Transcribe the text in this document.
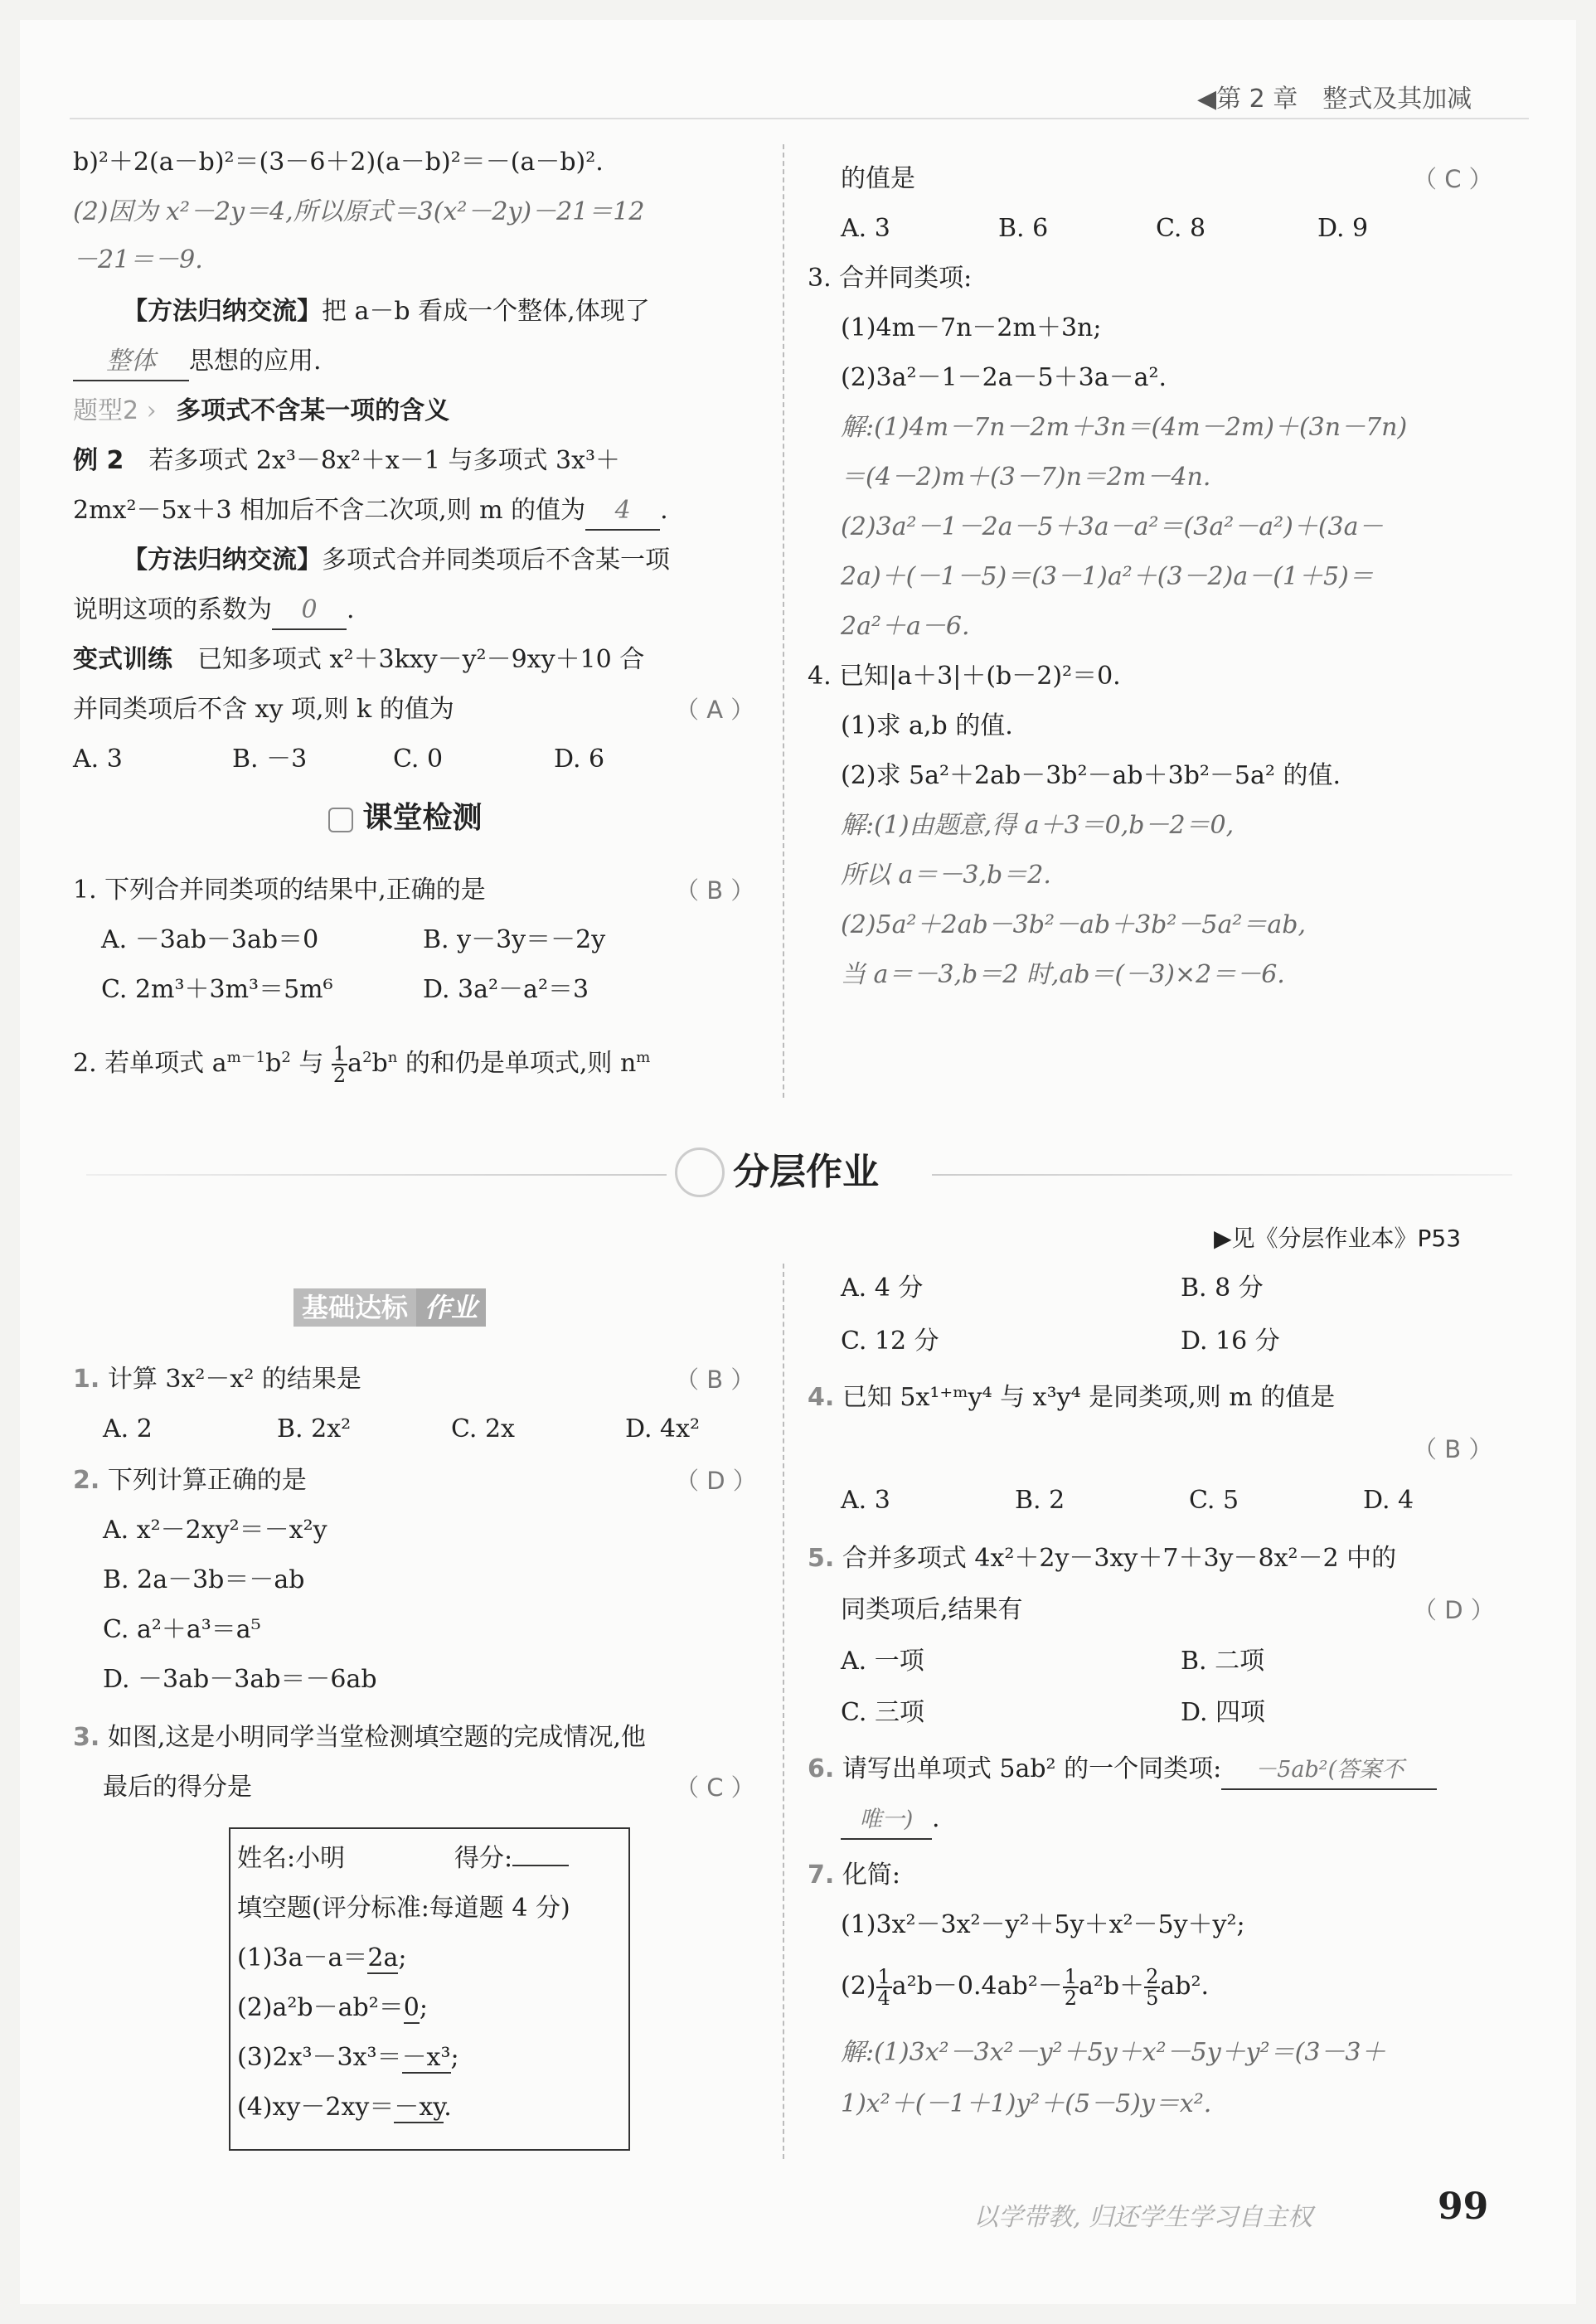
◀第 2 章　整式及其加减
b)²＋2(a－b)²＝(3－6＋2)(a－b)²＝－(a－b)².
(2)因为 x²－2y＝4,所以原式＝3(x²－2y)－21＝12
－21＝－9.
【方法归纳交流】把 a－b 看成一个整体,体现了
整体 思想的应用.
题型2 › 多项式不含某一项的含义
例 2　 若多项式 2x³－8x²＋x－1 与多项式 3x³＋
2mx²－5x＋3 相加后不含二次项,则 m 的值为 4 .
【方法归纳交流】多项式合并同类项后不含某一项
说明这项的系数为 0 .
变式训练　 已知多项式 x²＋3kxy－y²－9xy＋10 合
并同类项后不含 xy 项,则 k 的值为	（ A ）
A. 3	B. －3	C. 0	D. 6
课堂检测
1. 下列合并同类项的结果中,正确的是	（ B ）
A. －3ab－3ab＝0	B. y－3y＝－2y
C. 2m³＋3m³＝5m⁶	D. 3a²－a²＝3
2. 若单项式 $a^{m-1}b^2$ 与 $\frac{1}{2} a^2b^n$ 的和仍是单项式,则 $n^m$
的值是	（ C ）
A. 3	B. 6	C. 8	D. 9
3. 合并同类项:
(1)4m－7n－2m＋3n;
(2)3a²－1－2a－5＋3a－a².
解:(1)4m－7n－2m＋3n＝(4m－2m)＋(3n－7n)
＝(4－2)m＋(3－7)n＝2m－4n.
(2)3a²－1－2a－5＋3a－a²＝(3a²－a²)＋(3a－
2a)＋(－1－5)＝(3－1)a²＋(3－2)a－(1＋5)＝
2a²＋a－6.
4. 已知|a＋3|＋(b－2)²＝0.
(1)求 a,b 的值.
(2)求 5a²＋2ab－3b²－ab＋3b²－5a² 的值.
解:(1)由题意,得 a＋3＝0,b－2＝0,
所以 a＝－3,b＝2.
(2)5a²＋2ab－3b²－ab＋3b²－5a²＝ab,
当 a＝－3,b＝2 时,ab＝(－3)×2＝－6.
分层作业
▶见《分层作业本》P53
基础达标 作业
1. 计算 3x²－x² 的结果是	（ B ）
A. 2	B. 2x²	C. 2x	D. 4x²
2. 下列计算正确的是	（ D ）
A. x²－2xy²＝－x²y
B. 2a－3b＝－ab
C. a²＋a³＝a⁵
D. －3ab－3ab＝－6ab
3. 如图,这是小明同学当堂检测填空题的完成情况,他
最后的得分是	（ C ）
姓名:小明	得分:
填空题(评分标准:每道题 4 分)
(1)3a－a＝2a;
(2)a²b－ab²＝0;
(3)2x³－3x³＝－x³;
(4)xy－2xy＝－xy.
A. 4 分	B. 8 分
C. 12 分	D. 16 分
4. 已知 5x¹⁺ᵐy⁴ 与 x³y⁴ 是同类项,则 m 的值是
（ B ）
A. 3	B. 2	C. 5	D. 4
5. 合并多项式 4x²＋2y－3xy＋7＋3y－8x²－2 中的
同类项后,结果有	（ D ）
A. 一项	B. 二项
C. 三项	D. 四项
6. 请写出单项式 5ab² 的一个同类项: －5ab²(答案不
唯一) .
7. 化简:
(1)3x²－3x²－y²＋5y＋x²－5y＋y²;
$(2) \frac{1}{4} a^2b-0.4ab^2- \frac{1}{2} a^2b+ \frac{2}{5} ab^2$.
解:(1)3x²－3x²－y²＋5y＋x²－5y＋y²＝(3－3＋
1)x²＋(－1＋1)y²＋(5－5)y＝x².
以学带教, 归还学生学习自主权	99
